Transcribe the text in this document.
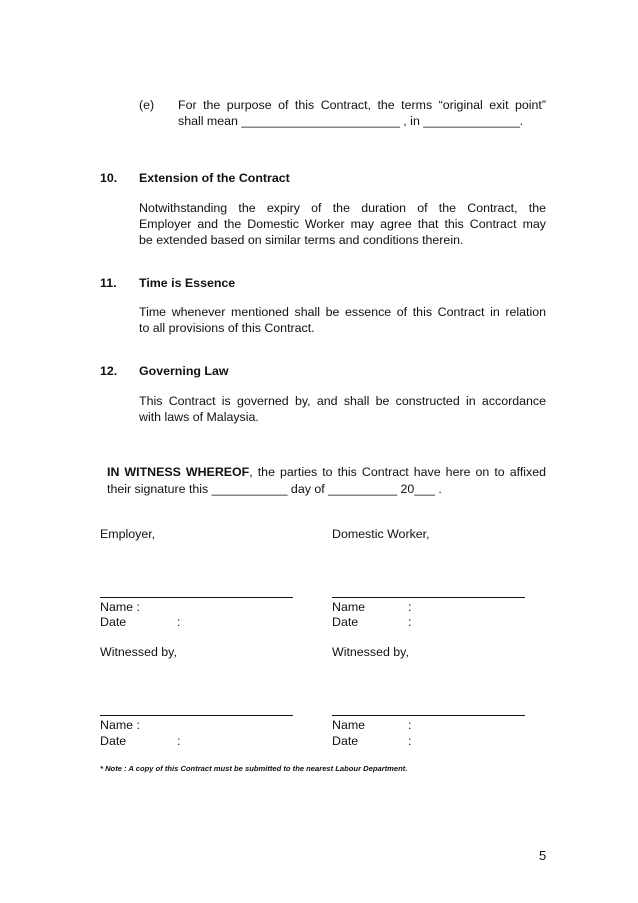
(e) For the purpose of this Contract, the terms “original exit point”
shall mean _______________________ , in ______________.
10. Extension of the Contract
Notwithstanding the expiry of the duration of the Contract, the
Employer and the Domestic Worker may agree that this Contract may
be extended based on similar terms and conditions therein.
11. Time is Essence
Time whenever mentioned shall be essence of this Contract in relation
to all provisions of this Contract.
12. Governing Law
This Contract is governed by, and shall be constructed in accordance
with laws of Malaysia.
IN WITNESS WHEREOF, the parties to this Contract have here on to affixed
their signature this ___________ day of __________ 20___ .
Employer,	Domestic Worker,
Name :	Name	:
Date	:	Date	:
Witnessed by,	Witnessed by,
Name :	Name	:
Date	:	Date	:
* Note : A copy of this Contract must be submitted to the nearest Labour Department.
5
